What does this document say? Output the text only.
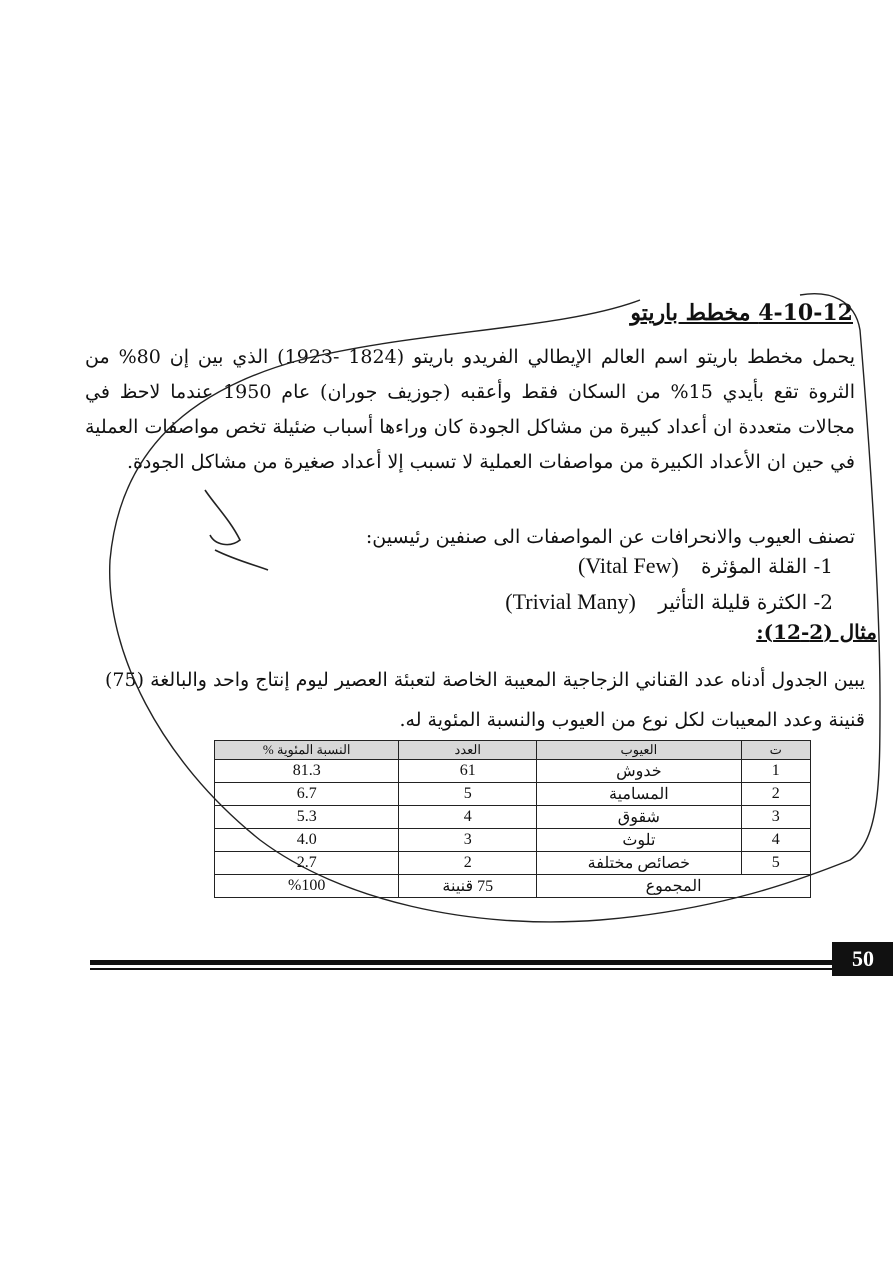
4-10-12 مخطط باريتو
يحمل مخطط باريتو اسم العالم الإيطالي الفريدو باريتو (1824 -1923) الذي بين إن 80% من الثروة تقع بأيدي 15% من السكان فقط وأعقبه (جوزيف جوران) عام 1950 عندما لاحظ في مجالات متعددة ان أعداد كبيرة من مشاكل الجودة كان وراءها أسباب ضئيلة تخص مواصفات العملية في حين ان الأعداد الكبيرة من مواصفات العملية لا تسبب إلا أعداد صغيرة من مشاكل الجودة.
تصنف العيوب والانحرافات عن المواصفات الى صنفين رئيسين:
1- القلة المؤثرة (Vital Few)
2- الكثرة قليلة التأثير (Trivial Many)
مثال (2-12):
يبين الجدول أدناه عدد القناني الزجاجية المعيبة الخاصة لتعبئة العصير ليوم إنتاج واحد والبالغة (75) قنينة وعدد المعيبات لكل نوع من العيوب والنسبة المئوية له.
ت	العيوب	العدد	النسبة المئوية %
1	خدوش	61	81.3
2	المسامية	5	6.7
3	شقوق	4	5.3
4	تلوث	3	4.0
5	خصائص مختلفة	2	2.7
المجموع		75 قنينة	%100
50
